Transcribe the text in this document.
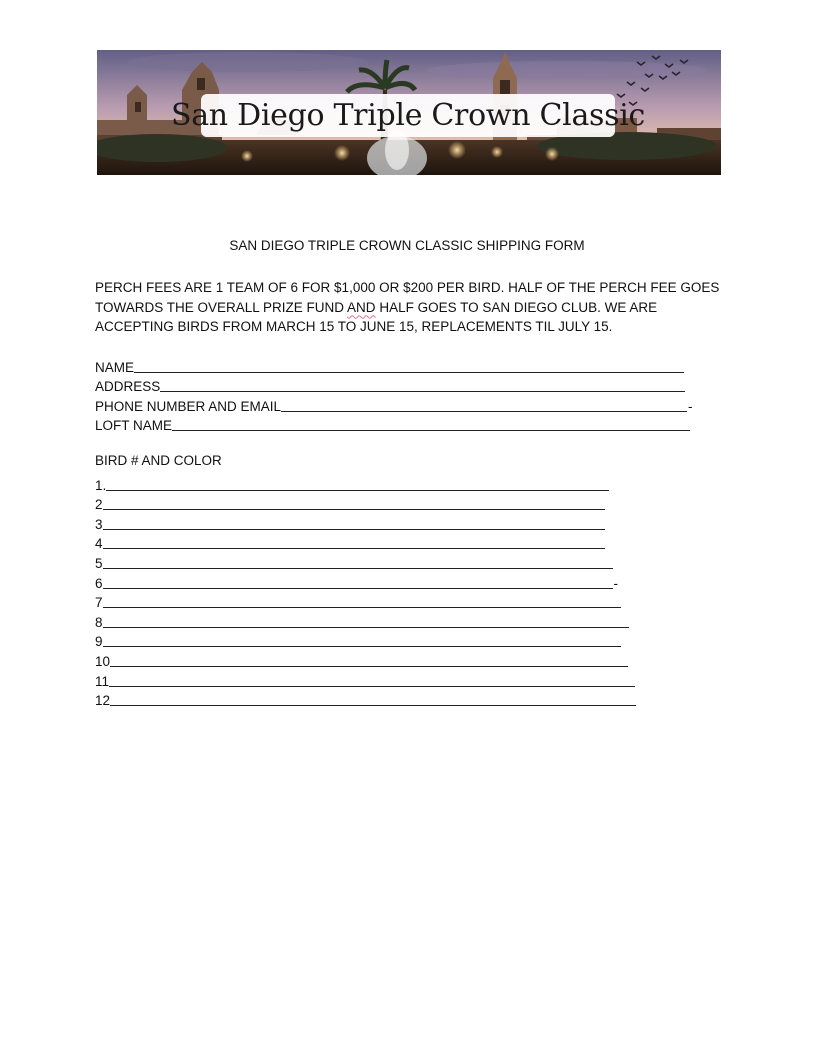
San Diego Triple Crown Classic
SAN DIEGO TRIPLE CROWN CLASSIC SHIPPING FORM
PERCH FEES ARE 1 TEAM OF 6 FOR $1,000 OR $200 PER BIRD. HALF OF THE PERCH FEE GOES
TOWARDS THE OVERALL PRIZE FUND AND HALF GOES TO SAN DIEGO CLUB. WE ARE
ACCEPTING BIRDS FROM MARCH 15 TO JUNE 15, REPLACEMENTS TIL JULY 15.
NAME
ADDRESS
PHONE NUMBER AND EMAIL	-
LOFT NAME
BIRD # AND COLOR
1.
2
3
4
5
6	-
7
8
9
10
11
12
